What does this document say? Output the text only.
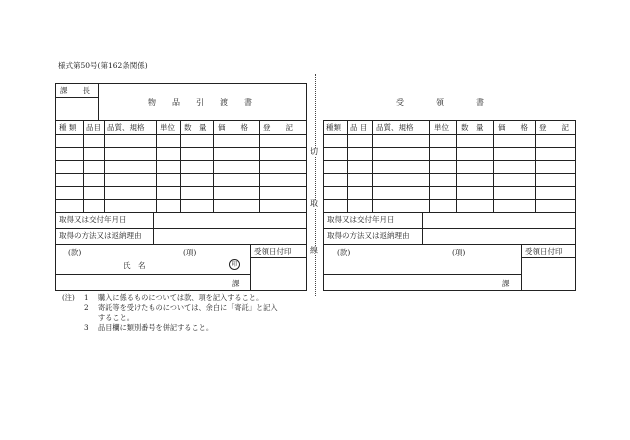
様式第50号(第162条関係)
課　　長
物　　品　　引　　渡　　書
種 類 品目 品質、規格 単位 数　量 価　　格 登　　記
取得又は交付年月日
取得の方法又は返納理由
(款)	(項)
氏　名	印
課
受領日付印
切
取
線
受　　　　領　　　　書
種類 品 目 品質、規格	単位 数　量 価　　格 登　　記
取得又は交付年月日
取得の方法又は返納理由
(款)	(項)
課
受領日付印
(注) 1 購入に係るものについては款、項を記入すること。
2 寄託等を受けたものについては、余白に「寄託」と記入
すること。
3 品目欄に類別番号を併記すること。
